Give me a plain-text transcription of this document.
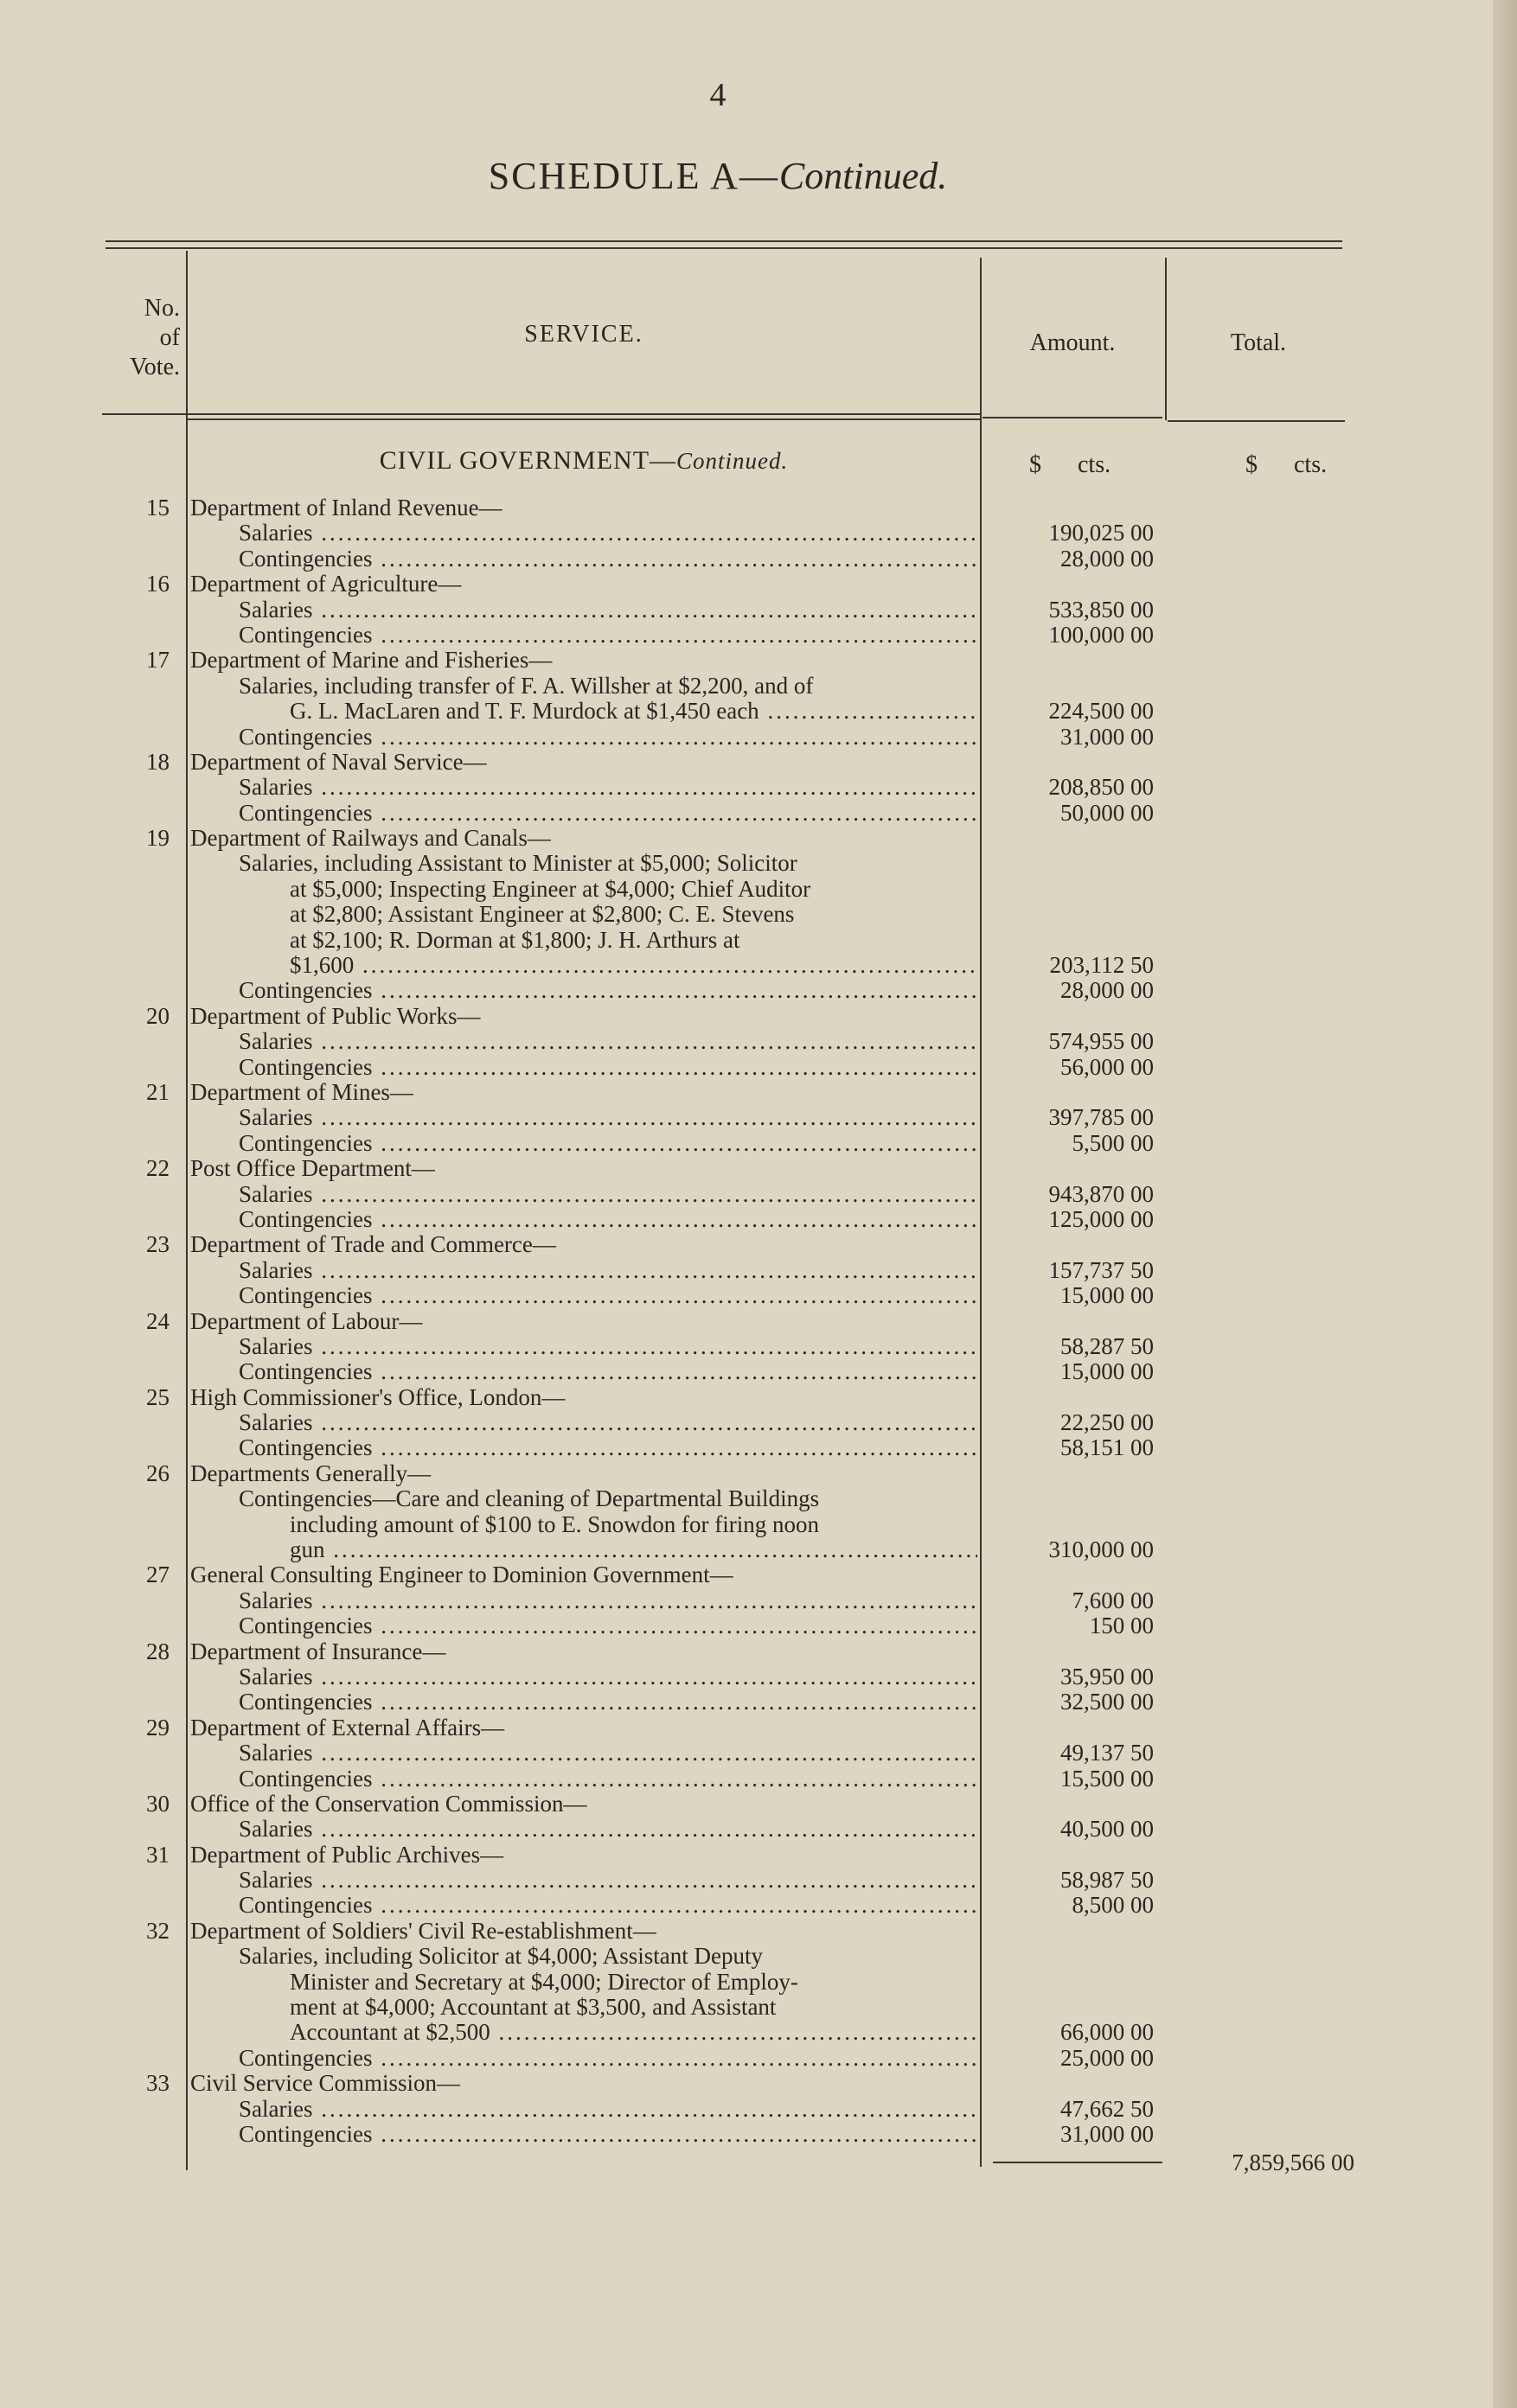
4
SCHEDULE A—Continued.
No.
of
Vote.
SERVICE.	Amount.	Total.
CIVIL GOVERNMENT—Continued.	$      cts.	$      cts.
15 Department of Inland Revenue—
Salaries .....	190,025 00
Contingencies .....	28,000 00
16 Department of Agriculture—
Salaries .....	533,850 00
Contingencies .....	100,000 00
17 Department of Marine and Fisheries—
Salaries, including transfer of F. A. Willsher at $2,200, and of
G. L. MacLaren and T. F. Murdock at $1,450 each .....	224,500 00
Contingencies .....	31,000 00
18 Department of Naval Service—
Salaries .....	208,850 00
Contingencies .....	50,000 00
19 Department of Railways and Canals—
Salaries, including Assistant to Minister at $5,000; Solicitor
at $5,000; Inspecting Engineer at $4,000; Chief Auditor
at $2,800; Assistant Engineer at $2,800; C. E. Stevens
at $2,100; R. Dorman at $1,800; J. H. Arthurs at
$1,600 .....	203,112 50
Contingencies .....	28,000 00
20 Department of Public Works—
Salaries .....	574,955 00
Contingencies .....	56,000 00
21 Department of Mines—
Salaries .....	397,785 00
Contingencies .....	5,500 00
22 Post Office Department—
Salaries .....	943,870 00
Contingencies .....	125,000 00
23 Department of Trade and Commerce—
Salaries .....	157,737 50
Contingencies .....	15,000 00
24 Department of Labour—
Salaries .....	58,287 50
Contingencies .....	15,000 00
25 High Commissioner's Office, London—
Salaries .....	22,250 00
Contingencies .....	58,151 00
26 Departments Generally—
Contingencies—Care and cleaning of Departmental Buildings
including amount of $100 to E. Snowdon for firing noon
gun .....	310,000 00
27 General Consulting Engineer to Dominion Government—
Salaries .....	7,600 00
Contingencies .....	150 00
28 Department of Insurance—
Salaries .....	35,950 00
Contingencies .....	32,500 00
29 Department of External Affairs—
Salaries .....	49,137 50
Contingencies .....	15,500 00
30 Office of the Conservation Commission—
Salaries .....	40,500 00
31 Department of Public Archives—
Salaries .....	58,987 50
Contingencies .....	8,500 00
32 Department of Soldiers' Civil Re-establishment—
Salaries, including Solicitor at $4,000; Assistant Deputy
Minister and Secretary at $4,000; Director of Employ-
ment at $4,000; Accountant at $3,500, and Assistant
Accountant at $2,500 .....	66,000 00
Contingencies .....	25,000 00
33 Civil Service Commission—
Salaries .....	47,662 50
Contingencies .....	31,000 00
7,859,566 00
